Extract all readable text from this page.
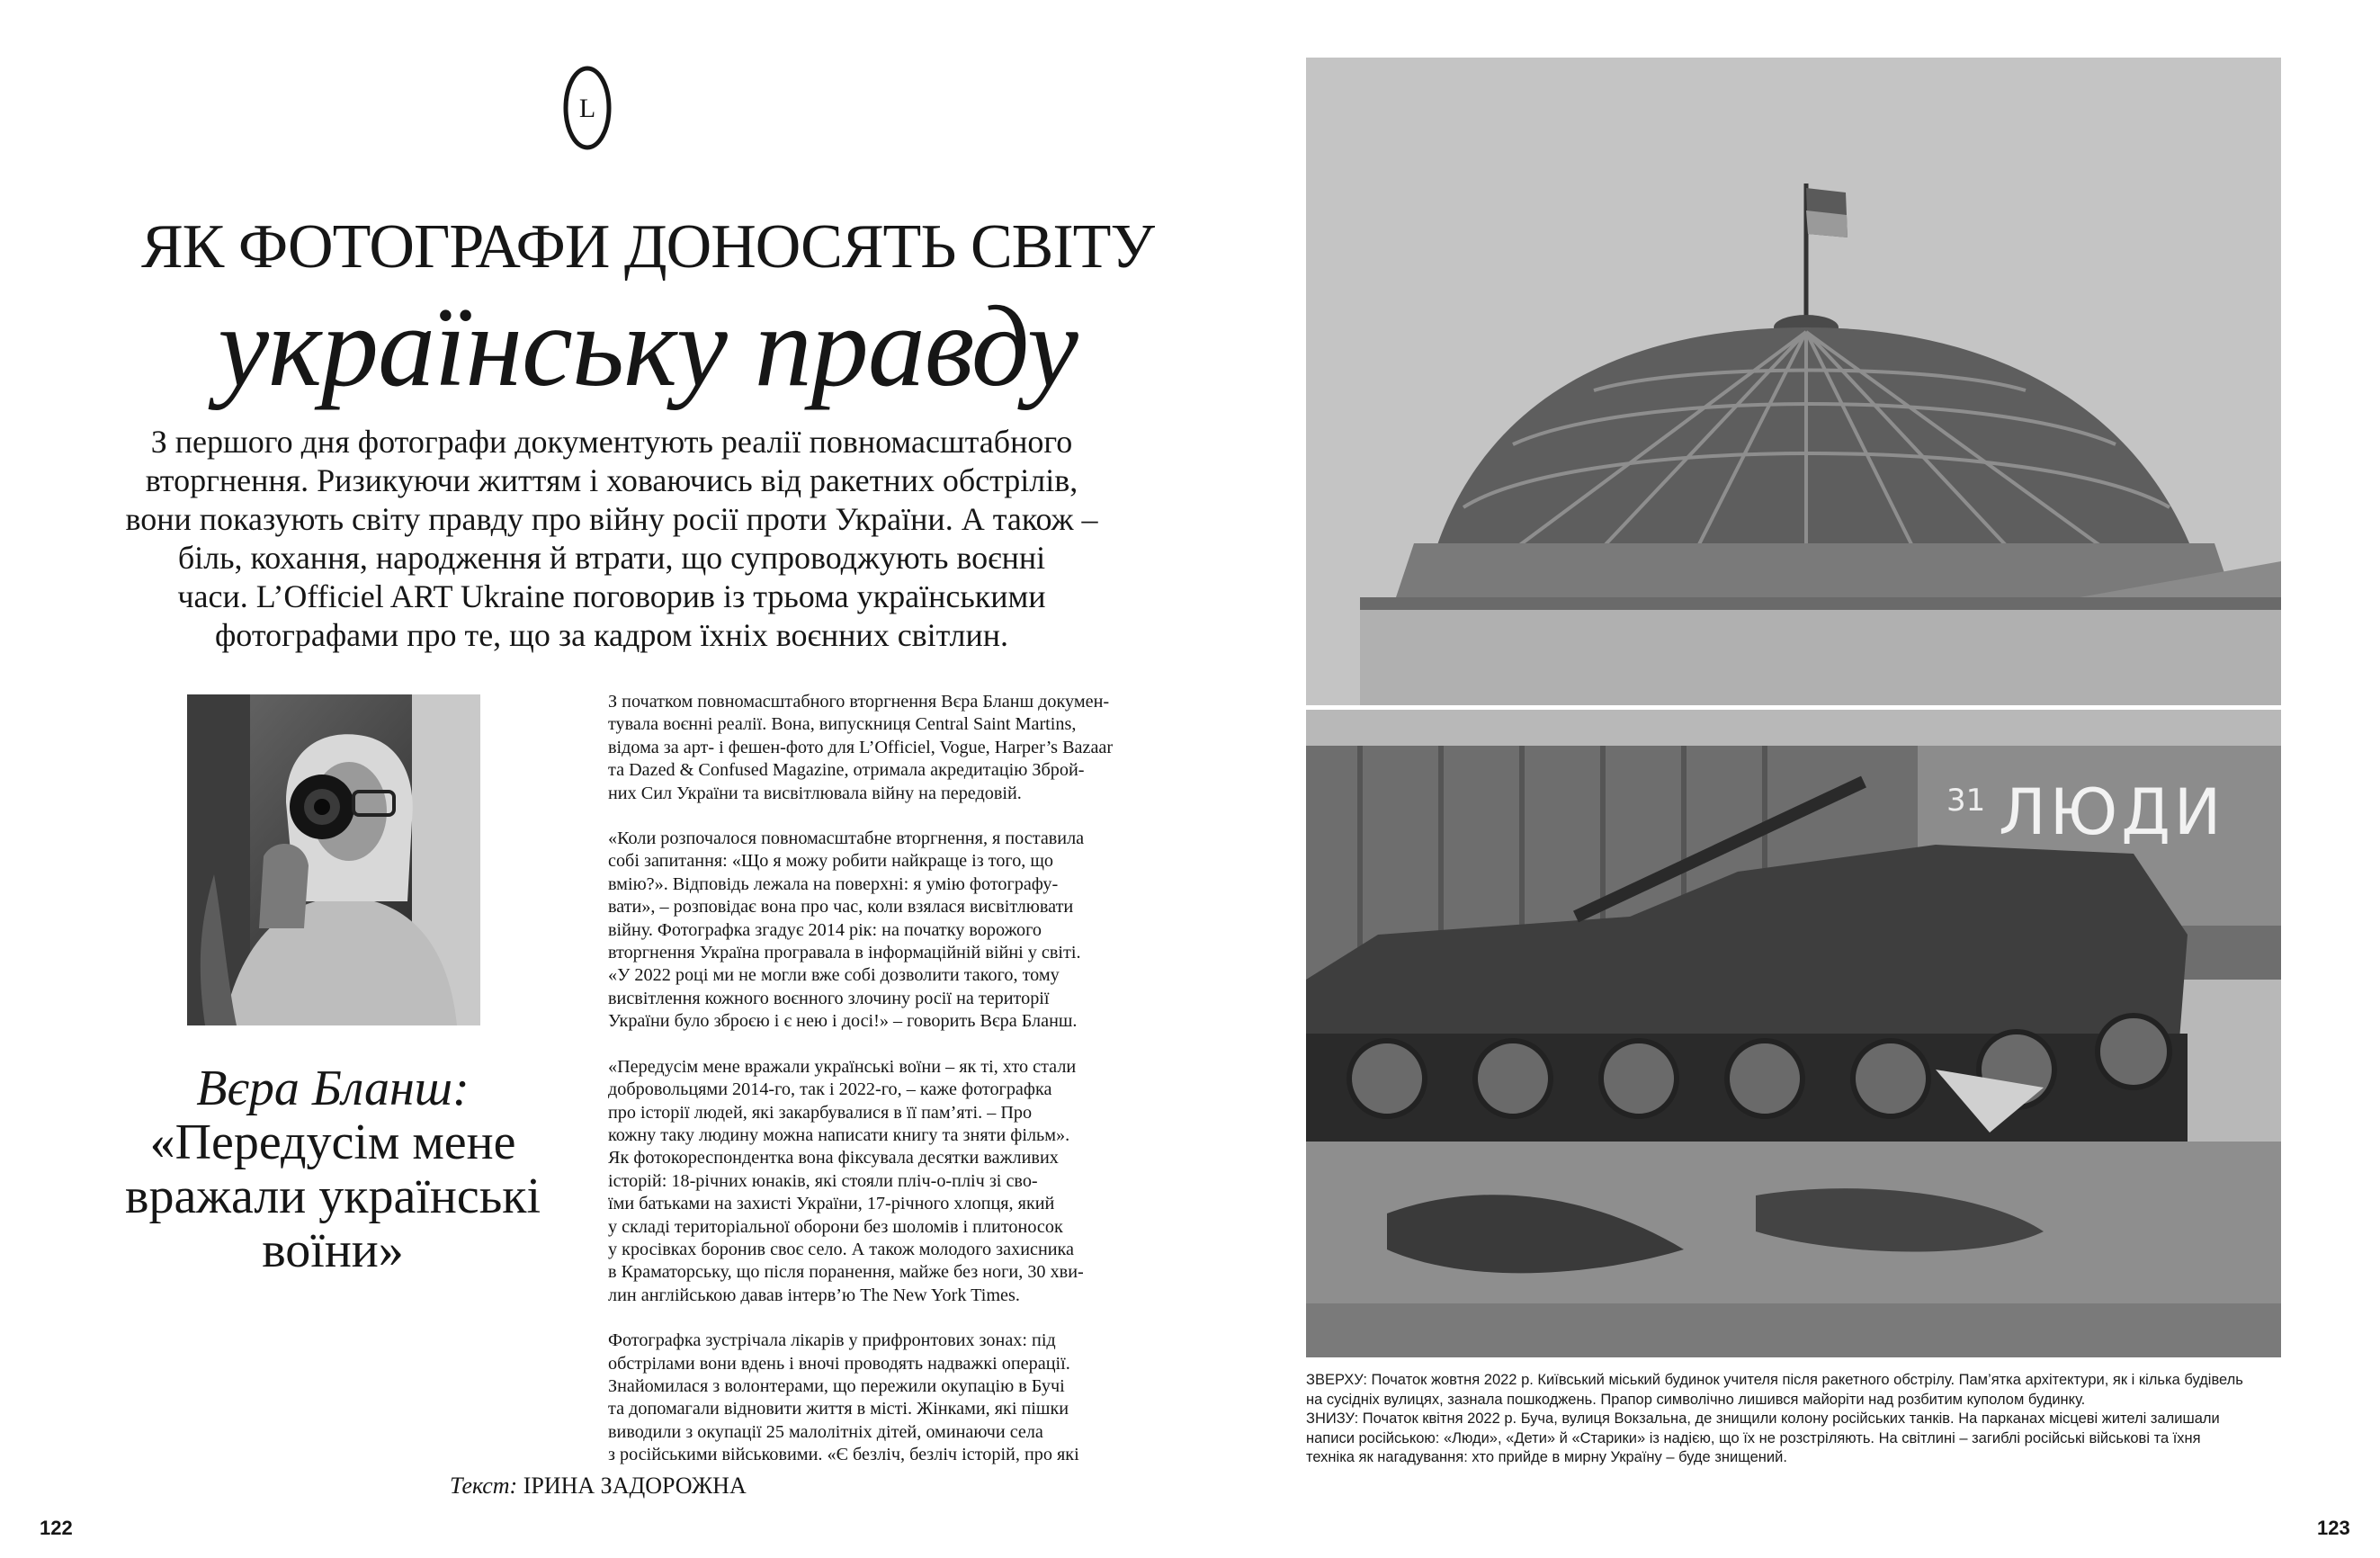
L
ЯК ФОТОГРАФИ ДОНОСЯТЬ СВІТУ
українську правду
З першого дня фотографи документують реалії повномасштабного
вторгнення. Ризикуючи життям і ховаючись від ракетних обстрілів,
вони показують світу правду про війну росії проти України. А також –
біль, кохання, народження й втрати, що супроводжують воєнні
часи. L’Officiel ART Ukraine поговорив із трьома українськими
фотографами про те, що за кадром їхніх воєнних світлин.
Вєра Бланш:
«Передусім мене
вражали українські
воїни»

З початком повномасштабного вторгнення Вєра Бланш докумен-
тувала воєнні реалії. Вона, випускниця Central Saint Martins,
відома за арт- і фешен-фото для L’Officiel, Vogue, Harper’s Bazaar
та Dazed & Confused Magazine, отримала акредитацію Збрoй-
них Сил України та висвітлювала війну на передовій.

«Коли розпочалося повномасштабне вторгнення, я поставила
собі запитання: «Що я можу робити найкраще із того, що
вмію?». Відповідь лежала на поверхні: я умію фотографу-
вати», – розповідає вона про час, коли взялася висвітлювати
війну. Фотографка згадує 2014 рік: на початку ворожого
вторгнення Україна програвала в інформаційній війні у світі.
«У 2022 році ми не могли вже собі дозволити такого, тому
висвітлення кожного воєнного злочину росії на території
України було зброєю і є нею і досі!» – говорить Вєра Бланш.

«Передусім мене вражали українські воїни – як ті, хто стали
добровольцями 2014-го, так і 2022-го, – каже фотографка
про історії людей, які закарбувалися в її пам’яті. – Про
кожну таку людину можна написати книгу та зняти фільм».
Як фотокореспондентка вона фіксувала десятки важливих
історій: 18-річних юнаків, які стояли пліч-о-пліч зі сво-
їми батьками на захисті України, 17-річного хлопця, який
у складі територіальної оборони без шоломів і плитоносок
у кросівках боронив своє село. А також молодого захисника
в Краматорську, що після поранення, майже без ноги, 30 хви-
лин англійською давав інтерв’ю The New York Times.

Фотографка зустрічала лікарів у прифронтових зонах: під
обстрілами вони вдень і вночі проводять надважкі операції.
Знайомилася з волонтерами, що пережили окупацію в Бучі
та допомагали відновити життя в місті. Жінками, які пішки
виводили з окупації 25 малолітніх дітей, оминаючи села
з російськими військовими. «Є безліч, безліч історій, про які

Текст: ІРИНА ЗАДОРОЖНА
122
31 ЛЮДИ
ЗВЕРХУ: Початок жовтня 2022 р. Київський міський будинок учителя після ракетного обстрілу. Пам’ятка архітектури, як і кілька будівель
на сусідніх вулицях, зазнала пошкоджень. Прапор символічно лишився майоріти над розбитим куполом будинку.
ЗНИЗУ: Початок квітня 2022 р. Буча, вулиця Вокзальна, де знищили колону російських танків. На парканах місцеві жителі залишали
написи російською: «Люди», «Дети» й «Старики» із надією, що їх не розстріляють. На світлині – загиблі російські військові та їхня
техніка як нагадування: хто прийде в мирну Україну – буде знищений.
123
